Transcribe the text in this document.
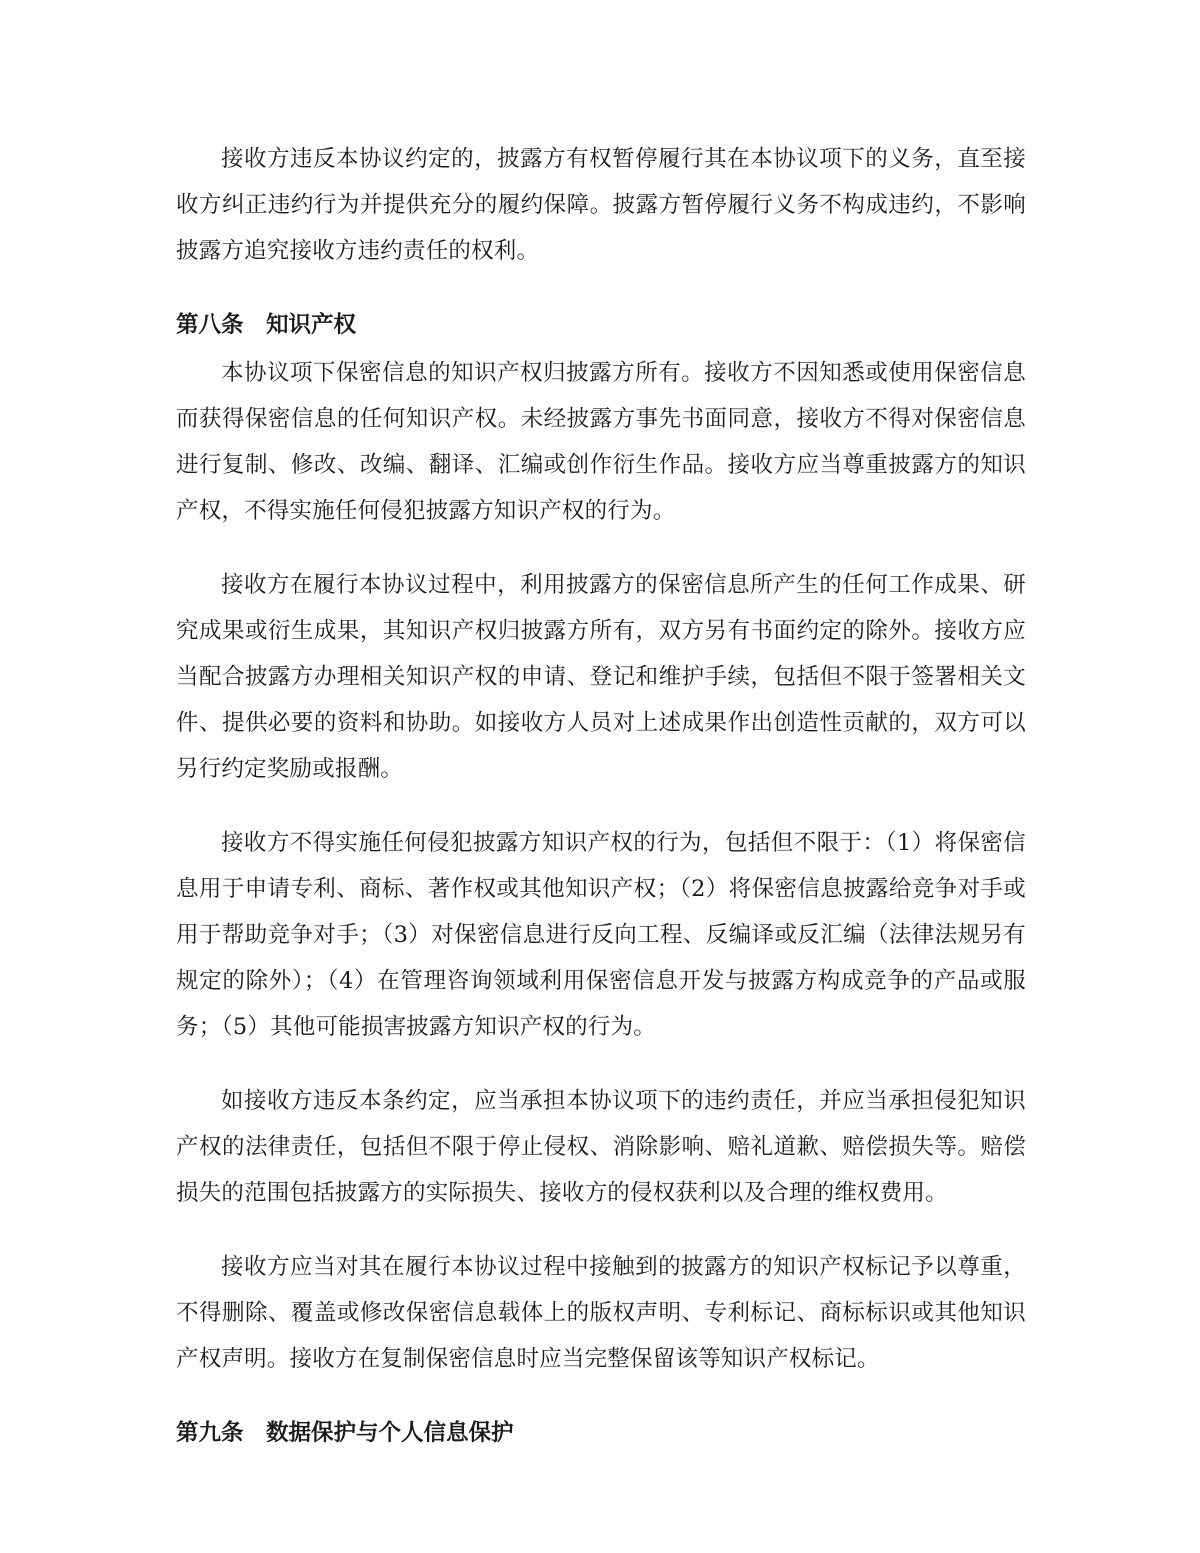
接收方违反本协议约定的，披露方有权暂停履行其在本协议项下的义务，直至接收方纠正违约行为并提供充分的履约保障。披露方暂停履行义务不构成违约，不影响披露方追究接收方违约责任的权利。

第八条　知识产权

本协议项下保密信息的知识产权归披露方所有。接收方不因知悉或使用保密信息而获得保密信息的任何知识产权。未经披露方事先书面同意，接收方不得对保密信息进行复制、修改、改编、翻译、汇编或创作衍生作品。接收方应当尊重披露方的知识产权，不得实施任何侵犯披露方知识产权的行为。

接收方在履行本协议过程中，利用披露方的保密信息所产生的任何工作成果、研究成果或衍生成果，其知识产权归披露方所有，双方另有书面约定的除外。接收方应当配合披露方办理相关知识产权的申请、登记和维护手续，包括但不限于签署相关文件、提供必要的资料和协助。如接收方人员对上述成果作出创造性贡献的，双方可以另行约定奖励或报酬。

接收方不得实施任何侵犯披露方知识产权的行为，包括但不限于：（1）将保密信息用于申请专利、商标、著作权或其他知识产权；（2）将保密信息披露给竞争对手或用于帮助竞争对手；（3）对保密信息进行反向工程、反编译或反汇编（法律法规另有规定的除外）；（4）在管理咨询领域利用保密信息开发与披露方构成竞争的产品或服务；（5）其他可能损害披露方知识产权的行为。

如接收方违反本条约定，应当承担本协议项下的违约责任，并应当承担侵犯知识产权的法律责任，包括但不限于停止侵权、消除影响、赔礼道歉、赔偿损失等。赔偿损失的范围包括披露方的实际损失、接收方的侵权获利以及合理的维权费用。

接收方应当对其在履行本协议过程中接触到的披露方的知识产权标记予以尊重，不得删除、覆盖或修改保密信息载体上的版权声明、专利标记、商标标识或其他知识产权声明。接收方在复制保密信息时应当完整保留该等知识产权标记。

第九条　数据保护与个人信息保护
